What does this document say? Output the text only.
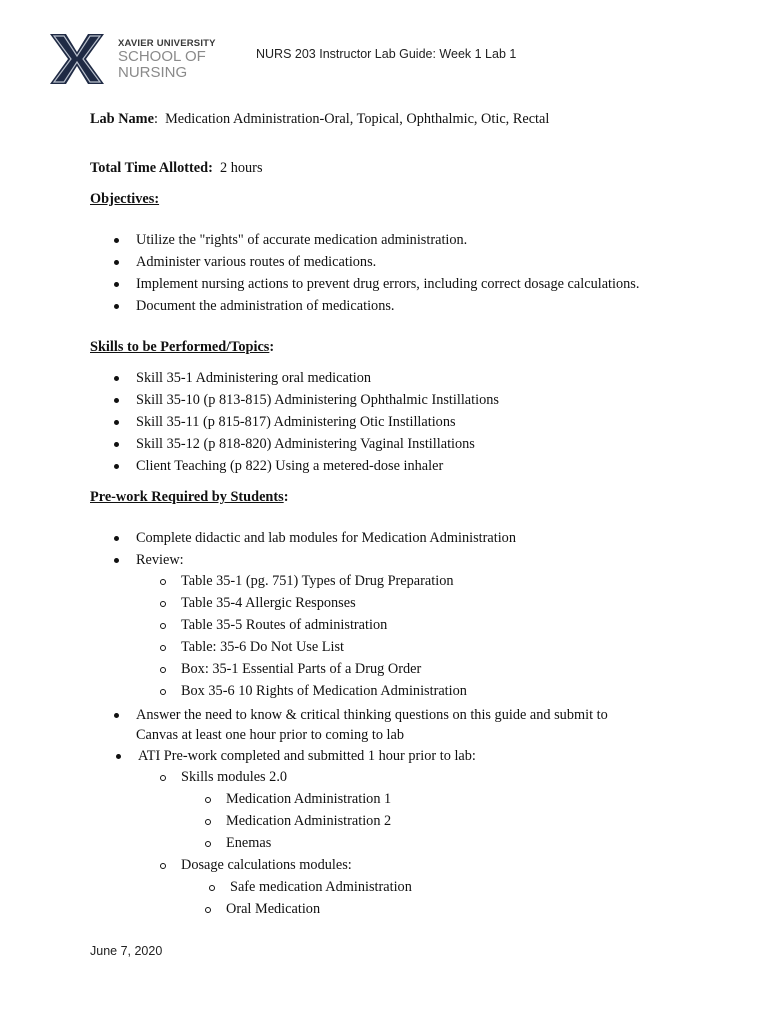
XAVIER UNIVERSITY
SCHOOL OF
NURSING
NURS 203 Instructor Lab Guide: Week 1 Lab 1
Lab Name:  Medication Administration-Oral, Topical, Ophthalmic, Otic, Rectal
Total Time Allotted: 2 hours
Objectives:
Utilize the "rights" of accurate medication administration.
Administer various routes of medications.
Implement nursing actions to prevent drug errors, including correct dosage calculations.
Document the administration of medications.
Skills to be Performed/Topics:
Skill 35-1 Administering oral medication
Skill 35-10 (p 813-815) Administering Ophthalmic Instillations
Skill 35-11 (p 815-817) Administering Otic Instillations
Skill 35-12 (p 818-820) Administering Vaginal Instillations
Client Teaching (p 822) Using a metered-dose inhaler
Pre-work Required by Students:
Complete didactic and lab modules for Medication Administration
Review:
Table 35-1 (pg. 751) Types of Drug Preparation
Table 35-4 Allergic Responses
Table 35-5 Routes of administration
Table: 35-6 Do Not Use List
Box: 35-1 Essential Parts of a Drug Order
Box 35-6 10 Rights of Medication Administration
Answer the need to know & critical thinking questions on this guide and submit to
Canvas at least one hour prior to coming to lab
ATI Pre-work completed and submitted 1 hour prior to lab:
Skills modules 2.0
Medication Administration 1
Medication Administration 2
Enemas
Dosage calculations modules:
Safe medication Administration
Oral Medication
June 7, 2020
